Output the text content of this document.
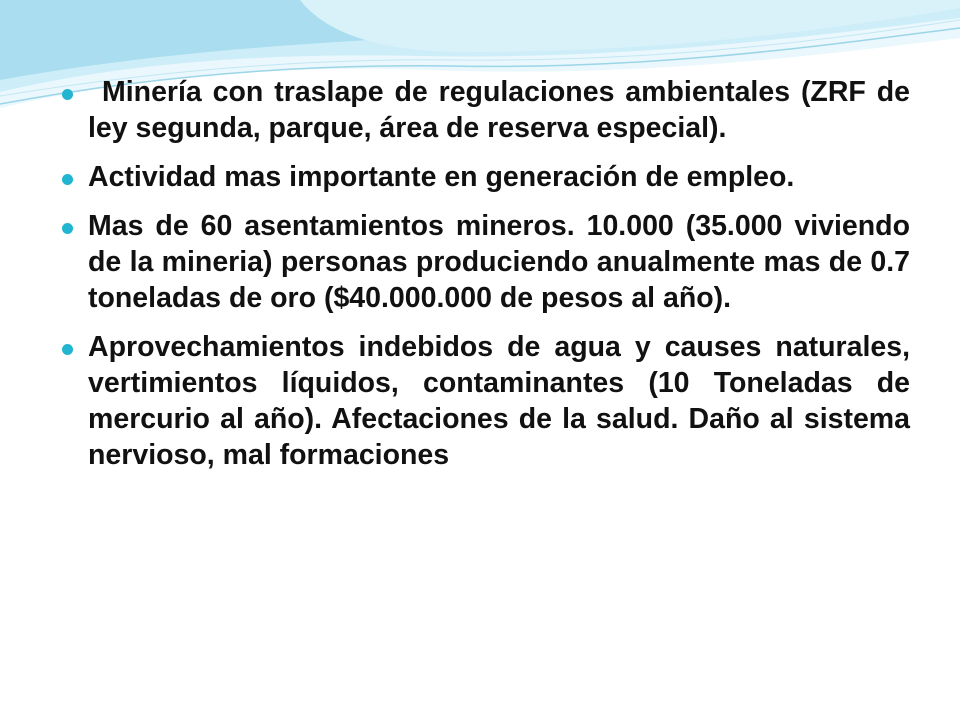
Minería con traslape de regulaciones ambientales (ZRF de ley segunda, parque, área de reserva especial).
Actividad mas importante en generación de empleo.
Mas de 60 asentamientos mineros. 10.000 (35.000 viviendo de la mineria) personas produciendo anualmente mas de 0.7 toneladas de oro ($40.000.000 de pesos al año).
Aprovechamientos indebidos de agua y causes naturales, vertimientos líquidos, contaminantes (10 Toneladas de mercurio al año). Afectaciones de la salud. Daño al sistema nervioso, mal formaciones
